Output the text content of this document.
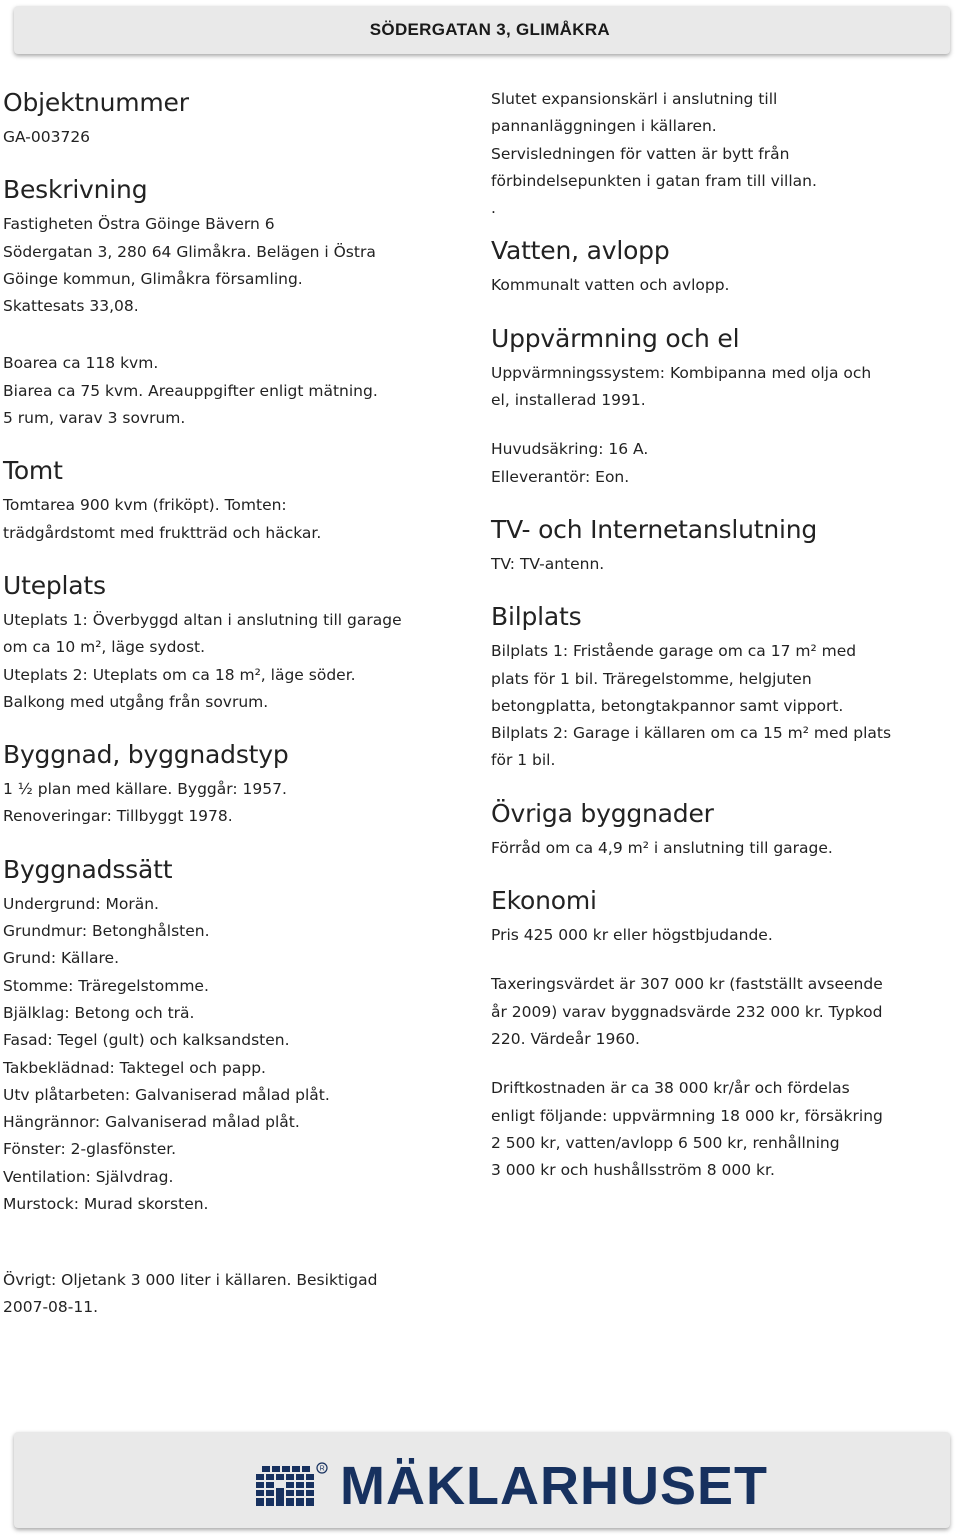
SÖDERGATAN 3, GLIMÅKRA
Objektnummer

GA-003726

Beskrivning

Fastigheten Östra Göinge Bävern 6
Södergatan 3, 280 64 Glimåkra. Belägen i Östra
Göinge kommun, Glimåkra församling.
Skattesats 33,08.

Boarea ca 118 kvm.
Biarea ca 75 kvm. Areauppgifter enligt mätning.
5 rum, varav 3 sovrum.

Tomt

Tomtarea 900 kvm (friköpt). Tomten:
trädgårdstomt med fruktträd och häckar.

Uteplats

Uteplats 1: Överbyggd altan i anslutning till garage
om ca 10 m², läge sydost.
Uteplats 2: Uteplats om ca 18 m², läge söder.
Balkong med utgång från sovrum.

Byggnad, byggnadstyp

1 ½ plan med källare. Byggår: 1957.
Renoveringar: Tillbyggt 1978.

Byggnadssätt

Undergrund: Morän.
Grundmur: Betonghålsten.
Grund: Källare.
Stomme: Träregelstomme.
Bjälklag: Betong och trä.
Fasad: Tegel (gult) och kalksandsten.
Takbeklädnad: Taktegel och papp.
Utv plåtarbeten: Galvaniserad målad plåt.
Hängrännor: Galvaniserad målad plåt.
Fönster: 2-glasfönster.
Ventilation: Självdrag.
Murstock: Murad skorsten.

Övrigt: Oljetank 3 000 liter i källaren. Besiktigad
2007-08-11.

Slutet expansionskärl i anslutning till
pannanläggningen i källaren.
Servisledningen för vatten är bytt från
förbindelsepunkten i gatan fram till villan.
.

Vatten, avlopp

Kommunalt vatten och avlopp.

Uppvärmning och el

Uppvärmningssystem: Kombipanna med olja och
el, installerad 1991.

Huvudsäkring: 16 A.
Elleverantör: Eon.

TV- och Internetanslutning

TV: TV-antenn.

Bilplats

Bilplats 1: Fristående garage om ca 17 m² med
plats för 1 bil. Träregelstomme, helgjuten
betongplatta, betongtakpannor samt vipport.
Bilplats 2: Garage i källaren om ca 15 m² med plats
för 1 bil.

Övriga byggnader

Förråd om ca 4,9 m² i anslutning till garage.

Ekonomi

Pris 425 000 kr eller högstbjudande.

Taxeringsvärdet är 307 000 kr (fastställt avseende
år 2009) varav byggnadsvärde 232 000 kr. Typkod
220. Värdeår 1960.

Driftkostnaden är ca 38 000 kr/år och fördelas
enligt följande: uppvärmning 18 000 kr, försäkring
2 500 kr, vatten/avlopp 6 500 kr, renhållning
3 000 kr och hushållsström 8 000 kr.

R MÄKLARHUSET
